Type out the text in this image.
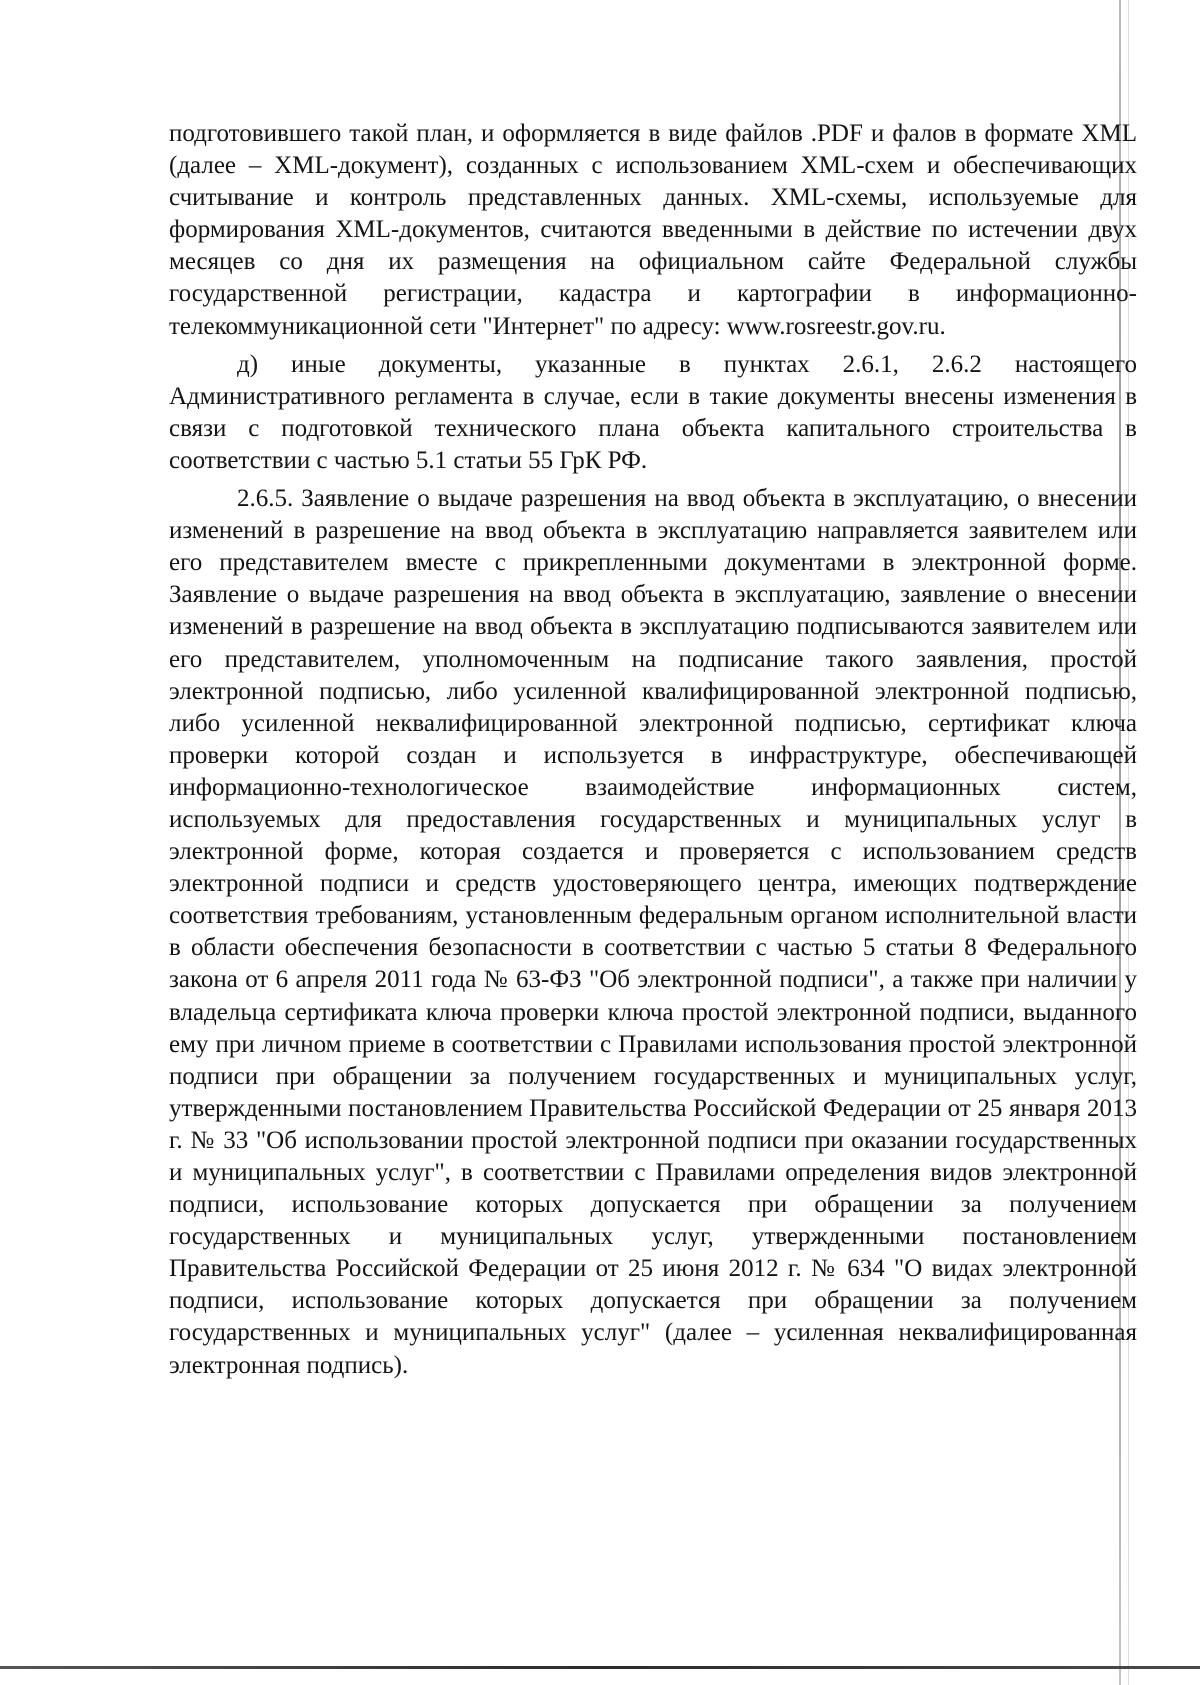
подготовившего такой план, и оформляется в виде файлов .PDF и фалов в формате XML (далее – XML-документ), созданных с использованием XML-схем и обеспечивающих считывание и контроль представленных данных. XML-схемы, используемые для формирования XML-документов, считаются введенными в действие по истечении двух месяцев со дня их размещения на официальном сайте Федеральной службы государственной регистрации, кадастра и картографии в информационно-телекоммуникационной сети "Интернет" по адресу: www.rosreestr.gov.ru.

д) иные документы, указанные в пунктах 2.6.1, 2.6.2 настоящего Административного регламента в случае, если в такие документы внесены изменения в связи с подготовкой технического плана объекта капитального строительства в соответствии с частью 5.1 статьи 55 ГрК РФ.

2.6.5. Заявление о выдаче разрешения на ввод объекта в эксплуатацию, о внесении изменений в разрешение на ввод объекта в эксплуатацию направляется заявителем или его представителем вместе с прикрепленными документами в электронной форме. Заявление о выдаче разрешения на ввод объекта в эксплуатацию, заявление о внесении изменений в разрешение на ввод объекта в эксплуатацию подписываются заявителем или его представителем, уполномоченным на подписание такого заявления, простой электронной подписью, либо усиленной квалифицированной электронной подписью, либо усиленной неквалифицированной электронной подписью, сертификат ключа проверки которой создан и используется в инфраструктуре, обеспечивающей информационно-технологическое взаимодействие информационных систем, используемых для предоставления государственных и муниципальных услуг в электронной форме, которая создается и проверяется с использованием средств электронной подписи и средств удостоверяющего центра, имеющих подтверждение соответствия требованиям, установленным федеральным органом исполнительной власти в области обеспечения безопасности в соответствии с частью 5 статьи 8 Федерального закона от 6 апреля 2011 года № 63-ФЗ "Об электронной подписи", а также при наличии у владельца сертификата ключа проверки ключа простой электронной подписи, выданного ему при личном приеме в соответствии с Правилами использования простой электронной подписи при обращении за получением государственных и муниципальных услуг, утвержденными постановлением Правительства Российской Федерации от 25 января 2013 г. № 33 "Об использовании простой электронной подписи при оказании государственных и муниципальных услуг", в соответствии с Правилами определения видов электронной подписи, использование которых допускается при обращении за получением государственных и муниципальных услуг, утвержденными постановлением Правительства Российской Федерации от 25 июня 2012 г. № 634 "О видах электронной подписи, использование которых допускается при обращении за получением государственных и муниципальных услуг" (далее – усиленная неквалифицированная электронная подпись).
